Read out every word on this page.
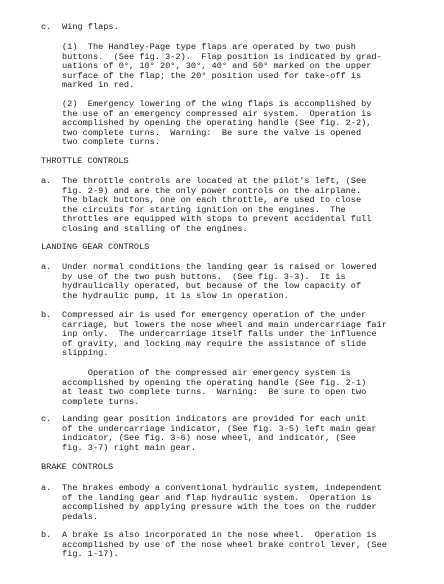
c. Wing flaps.
(1)  The Handley-Page type flaps are operated by two push
buttons.  (See fig. 3-2).  Flap position is indicated by grad-
uations of 0°, 10° 20°, 30°, 40° and 50° marked on the upper
surface of the flap; the 20° position used for take-off is
marked in red.
(2)  Emergency lowering of the wing flaps is accomplished by
the use of an emergency compressed air system.  Operation is
accomplished by opening the operating handle (See fig. 2-2),
two complete turns.  Warning:  Be sure the valve is opened
two complete turns.
THROTTLE CONTROLS
a. The throttle controls are located at the pilot's left, (See
fig. 2-9) and are the only power controls on the airplane.
The black buttons, one on each throttle, are used to close
the circuits for starting ignition on the engines.  The
throttles are equipped with stops to prevent accidental full
closing and stalling of the engines.
LANDING GEAR CONTROLS
a. Under normal conditions the landing gear is raised or lowered
by use of the two push buttons.  (See fig. 3-3).  It is
hydraulically operated, but because of the low capacity of
the hydraulic pump, it is slow in operation.
b. Compressed air is used for emergency operation of the under
carriage, but lowers the nose wheel and main undercarriage fair
inp only.  The undercarriage itself falls under the influence
of gravity, and locking may require the assistance of slide
slipping.
Operation of the compressed air emergency system is
accomplished by opening the operating handle (See fig. 2-1)
at least two complete turns.  Warning:  Be sure to open two
complete turns.
c. Landing gear position indicators are provided for each unit
of the undercarriage indicator, (See fig. 3-5) left main gear
indicator, (See fig. 3-6) nose wheel, and indicator, (See
fig. 3-7) right main gear.
BRAKE CONTROLS
a. The brakes embody a conventional hydraulic system, independent
of the landing gear and flap hydraulic system.  Operation is
accomplished by applying pressure with the toes on the rudder
pedals.
b. A brake is also incorporated in the nose wheel.  Operation is
accomplished by use of the nose wheel brake control lever, (See
fig. 1-17).
